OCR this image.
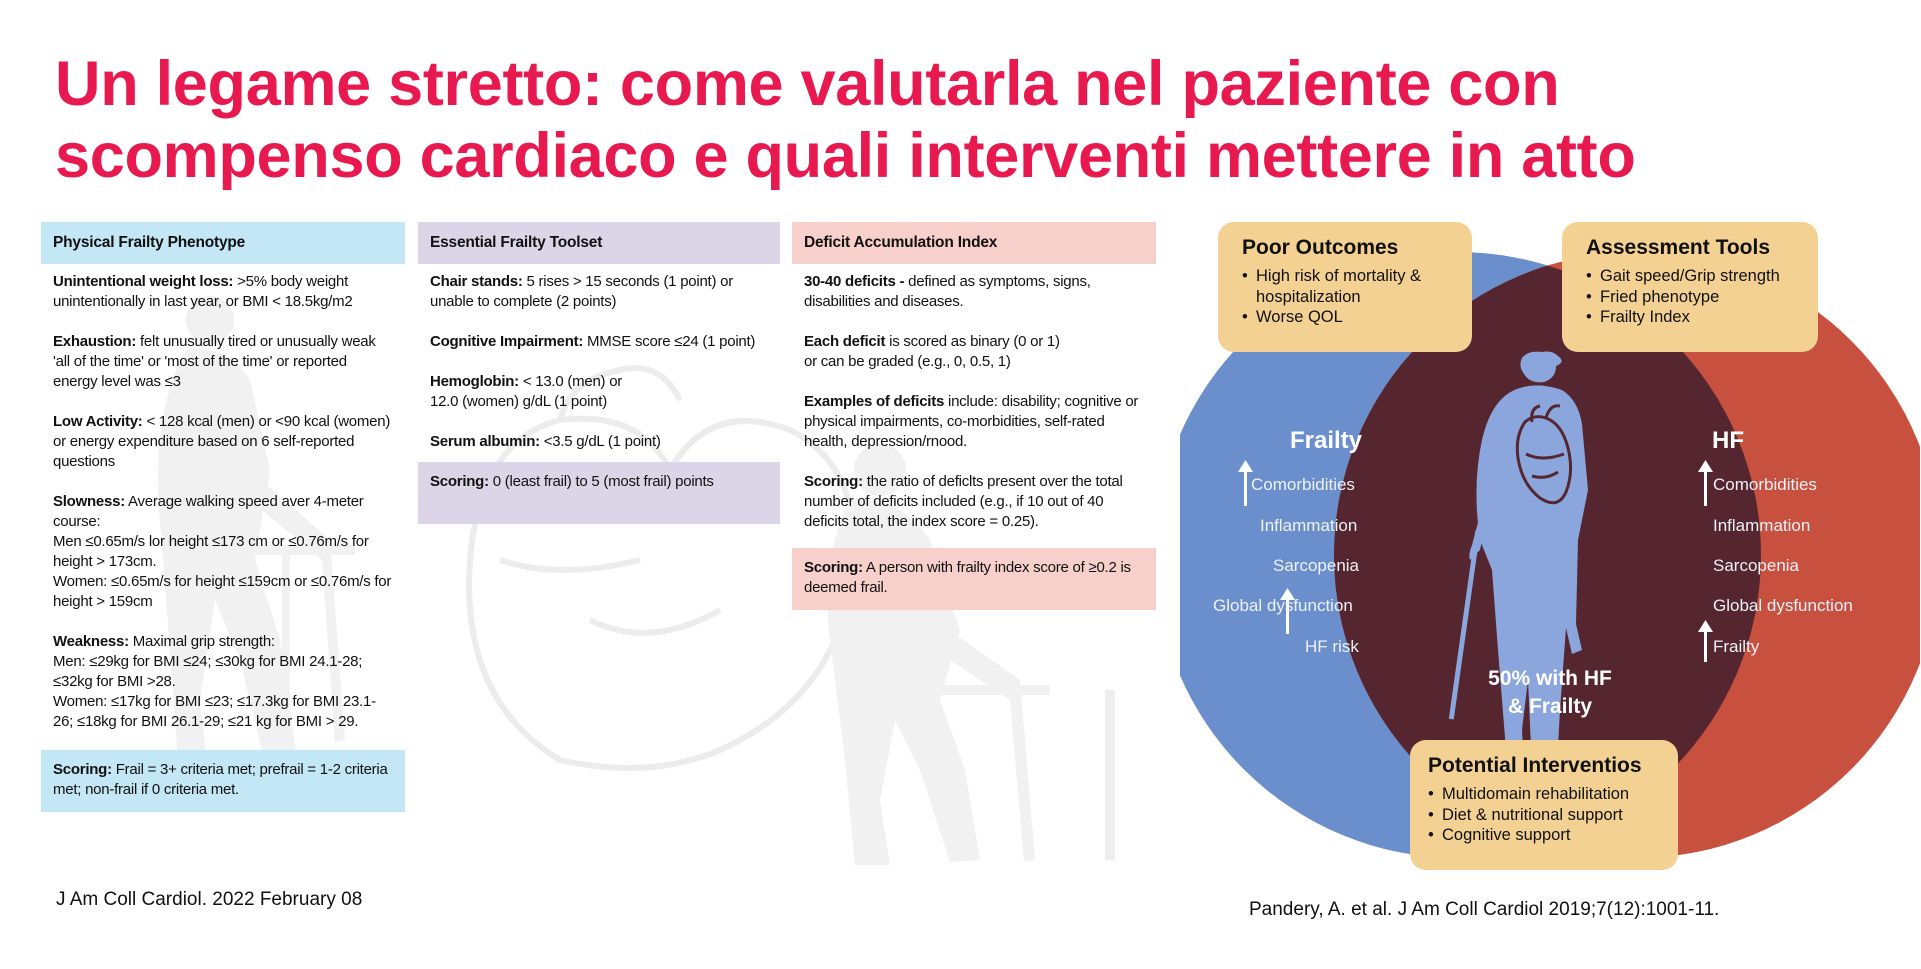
Un legame stretto: come valutarla nel paziente con
scompenso cardiaco e quali interventi mettere in atto
Physical Frailty Phenotype
Unintentional weight loss: >5% body weight unintentionally in last year, or BMI < 18.5kg/m2
Exhaustion: felt unusually tired or unusually weak 'all of the time' or 'most of the time' or reported energy level was ≤3
Low Activity: < 128 kcal (men) or <90 kcal (women) or energy expenditure based on 6 self-reported questions
Slowness: Average walking speed aver 4-meter course:
Men ≤0.65m/s lor height ≤173 cm or ≤0.76m/s for height > 173cm.
Women: ≤0.65m/s for height ≤159cm or ≤0.76m/s for height > 159cm
Weakness: Maximal grip strength:
Men: ≤29kg for BMI ≤24; ≤30kg for BMI 24.1-28; ≤32kg for BMI >28.
Women: ≤17kg for BMI ≤23; ≤17.3kg for BMI 23.1-26; ≤18kg for BMI 26.1-29; ≤21 kg for BMI > 29.
Scoring: Frail = 3+ criteria met; prefrail = 1-2 criteria met; non-frail if 0 criteria met.
Essential Frailty Toolset
Chair stands: 5 rises > 15 seconds (1 point) or unable to complete (2 points)
Cognitive Impairment: MMSE score ≤24 (1 point)
Hemoglobin: < 13.0 (men) or
12.0 (women) g/dL (1 point)
Serum albumin: <3.5 g/dL (1 point)
Scoring: 0 (least frail) to 5 (most frail) points
Deficit Accumulation Index
30-40 deficits - defined as symptoms, signs, disabilities and diseases.
Each deficit is scored as binary (0 or 1)
or can be graded (e.g., 0, 0.5, 1)
Examples of deficits include: disability; cognitive or physical impairments, co-morbidities, self-rated health, depression/rnood.
Scoring: the ratio of deficlts present over the total number of deficits included (e.g., if 10 out of 40 deficits total, the index score = 0.25).
Scoring: A person with frailty index score of ≥0.2 is deemed frail.
J Am Coll Cardiol. 2022 February 08	Pandery, A. et al. J Am Coll Cardiol 2019;7(12):1001-11.
Frailty
Comorbidities
Inflammation
Sarcopenia
Global dysfunction
HF risk
HF
Comorbidities
Inflammation
Sarcopenia
Global dysfunction
Frailty
50% with HF
& Frailty
Poor Outcomes
• High risk of mortality & hospitalization
• Worse QOL
Assessment Tools
• Gait speed/Grip strength
• Fried phenotype
• Frailty Index
Potential Interventios
• Multidomain rehabilitation
• Diet & nutritional support
• Cognitive support
